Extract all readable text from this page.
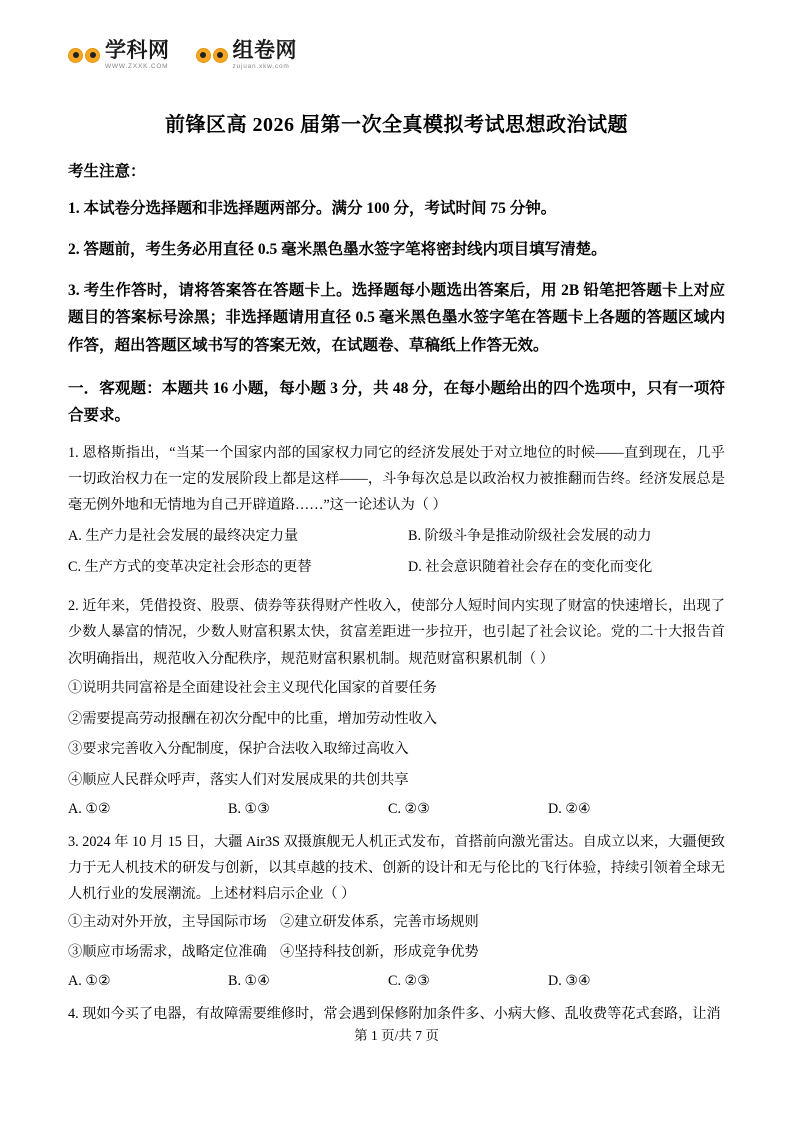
学科网
WWW.ZXXK.COM
组卷网
zujuan.xkw.com
前锋区高 2026 届第一次全真模拟考试思想政治试题
考生注意：
1. 本试卷分选择题和非选择题两部分。满分 100 分，考试时间 75 分钟。
2. 答题前，考生务必用直径 0.5 毫米黑色墨水签字笔将密封线内项目填写清楚。
3. 考生作答时，请将答案答在答题卡上。选择题每小题选出答案后，用 2B 铅笔把答题卡上对应题目的答案标号涂黑；非选择题请用直径 0.5 毫米黑色墨水签字笔在答题卡上各题的答题区域内作答，超出答题区域书写的答案无效，在试题卷、草稿纸上作答无效。
一．客观题：本题共 16 小题，每小题 3 分，共 48 分，在每小题给出的四个选项中，只有一项符合要求。
1. 恩格斯指出，“当某一个国家内部的国家权力同它的经济发展处于对立地位的时候——直到现在，几乎一切政治权力在一定的发展阶段上都是这样——，斗争每次总是以政治权力被推翻而告终。经济发展总是毫无例外地和无情地为自己开辟道路……”这一论述认为（ ）
A. 生产力是社会发展的最终决定力量	B. 阶级斗争是推动阶级社会发展的动力
C. 生产方式的变革决定社会形态的更替	D. 社会意识随着社会存在的变化而变化
2. 近年来，凭借投资、股票、债券等获得财产性收入，使部分人短时间内实现了财富的快速增长，出现了少数人暴富的情况，少数人财富积累太快，贫富差距进一步拉开，也引起了社会议论。党的二十大报告首次明确指出，规范收入分配秩序，规范财富积累机制。规范财富积累机制（ ）
①说明共同富裕是全面建设社会主义现代化国家的首要任务
②需要提高劳动报酬在初次分配中的比重，增加劳动性收入
③要求完善收入分配制度，保护合法收入取缔过高收入
④顺应人民群众呼声，落实人们对发展成果的共创共享
A. ①②	B. ①③	C. ②③	D. ②④
3. 2024 年 10 月 15 日，大疆 Air3S 双摄旗舰无人机正式发布，首搭前向激光雷达。自成立以来，大疆便致力于无人机技术的研发与创新，以其卓越的技术、创新的设计和无与伦比的飞行体验，持续引领着全球无人机行业的发展潮流。上述材料启示企业（ ）
①主动对外开放，主导国际市场 ②建立研发体系，完善市场规则
③顺应市场需求，战略定位准确 ④坚持科技创新，形成竞争优势
A. ①②	B. ①④	C. ②③	D. ③④
4. 现如今买了电器，有故障需要维修时，常会遇到保修附加条件多、小病大修、乱收费等花式套路，让消
第 1 页/共 7 页
